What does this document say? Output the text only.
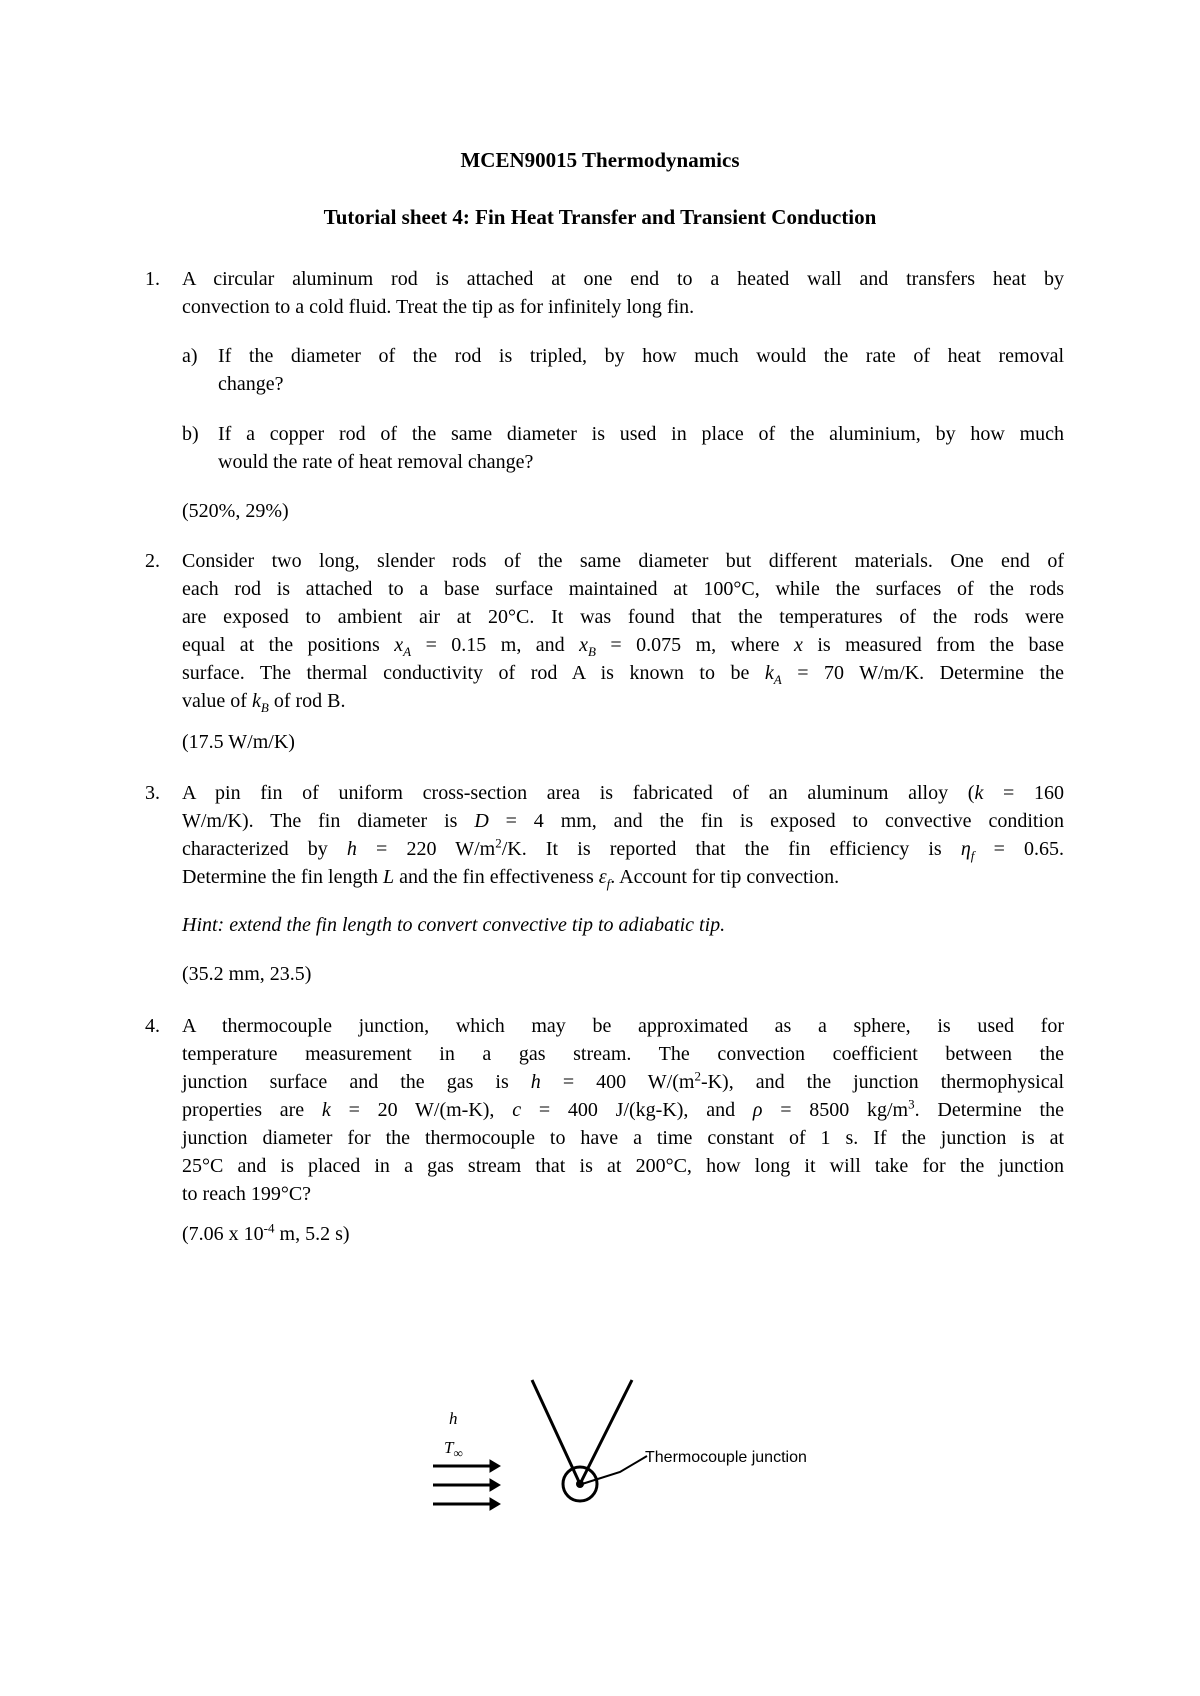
MCEN90015 Thermodynamics
Tutorial sheet 4: Fin Heat Transfer and Transient Conduction
1. A circular aluminum rod is attached at one end to a heated wall and transfers heat by
convection to a cold fluid. Treat the tip as for infinitely long fin.
a) If the diameter of the rod is tripled, by how much would the rate of heat removal
change?
b) If a copper rod of the same diameter is used in place of the aluminium, by how much
would the rate of heat removal change?
(520%, 29%)
2. Consider two long, slender rods of the same diameter but different materials. One end of
each rod is attached to a base surface maintained at 100°C, while the surfaces of the rods
are exposed to ambient air at 20°C. It was found that the temperatures of the rods were
equal at the positions $x_A = 0.15$ m, and $x_B = 0.075$ m, where x is measured from the base
surface. The thermal conductivity of rod A is known to be $k_A = 70$ W/m/K. Determine the
value of $k_B$ of rod B.
(17.5 W/m/K)
3. A pin fin of uniform cross-section area is fabricated of an aluminum alloy (k = 160
W/m/K). The fin diameter is D = 4 mm, and the fin is exposed to convective condition
characterized by h = 220 $W/m^2/K$. It is reported that the fin efficiency is $\eta_f = 0.65$.
Determine the fin length L and the fin effectiveness $\varepsilon_f$. Account for tip convection.
Hint: extend the fin length to convert convective tip to adiabatic tip.
(35.2 mm, 23.5)
4. A thermocouple junction, which may be approximated as a sphere, is used for
temperature measurement in a gas stream. The convection coefficient between the
junction surface and the gas is h = 400 $W/(m^2-K)$, and the junction thermophysical
properties are k = 20 W/(m-K), c = 400 J/(kg-K), and ρ = 8500 $kg/m^3$. Determine the
junction diameter for the thermocouple to have a time constant of 1 s. If the junction is at
25°C and is placed in a gas stream that is at 200°C, how long it will take for the junction
to reach 199°C?
(7.06 x $10^{-4}$ m, 5.2 s)
h
$T_\infty$	Thermocouple junction
